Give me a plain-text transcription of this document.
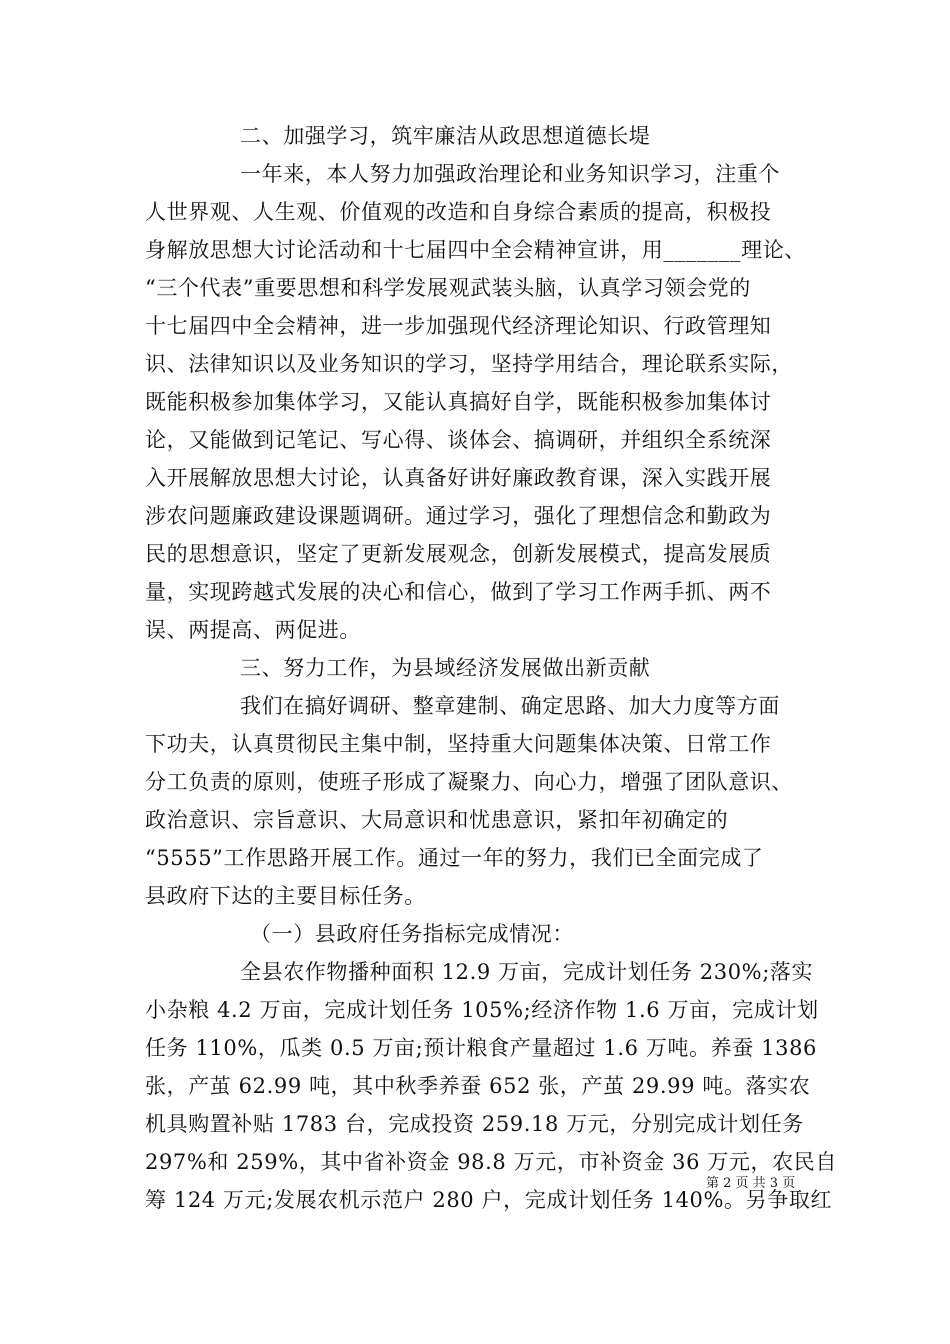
二、加强学习，筑牢廉洁从政思想道德长堤
一年来，本人努力加强政治理论和业务知识学习，注重个
人世界观、人生观、价值观的改造和自身综合素质的提高，积极投
身解放思想大讨论活动和十七届四中全会精神宣讲，用_______理论、
“三个代表”重要思想和科学发展观武装头脑，认真学习领会党的
十七届四中全会精神，进一步加强现代经济理论知识、行政管理知
识、法律知识以及业务知识的学习，坚持学用结合，理论联系实际，
既能积极参加集体学习，又能认真搞好自学，既能积极参加集体讨
论，又能做到记笔记、写心得、谈体会、搞调研，并组织全系统深
入开展解放思想大讨论，认真备好讲好廉政教育课，深入实践开展
涉农问题廉政建设课题调研。通过学习，强化了理想信念和勤政为
民的思想意识，坚定了更新发展观念，创新发展模式，提高发展质
量，实现跨越式发展的决心和信心，做到了学习工作两手抓、两不
误、两提高、两促进。
三、努力工作，为县域经济发展做出新贡献
我们在搞好调研、整章建制、确定思路、加大力度等方面
下功夫，认真贯彻民主集中制，坚持重大问题集体决策、日常工作
分工负责的原则，使班子形成了凝聚力、向心力，增强了团队意识、
政治意识、宗旨意识、大局意识和忧患意识，紧扣年初确定的
“5555”工作思路开展工作。通过一年的努力，我们已全面完成了
县政府下达的主要目标任务。
（一）县政府任务指标完成情况：
全县农作物播种面积 12.9 万亩，完成计划任务 230%;落实
小杂粮 4.2 万亩，完成计划任务 105%;经济作物 1.6 万亩，完成计划
任务 110%，瓜类 0.5 万亩;预计粮食产量超过 1.6 万吨。养蚕 1386
张，产茧 62.99 吨，其中秋季养蚕 652 张，产茧 29.99 吨。落实农
机具购置补贴 1783 台，完成投资 259.18 万元，分别完成计划任务
297%和 259%，其中省补资金 98.8 万元，市补资金 36 万元，农民自
筹 124 万元;发展农机示范户 280 户，完成计划任务 140%。另争取红
第 2 页 共 3 页
